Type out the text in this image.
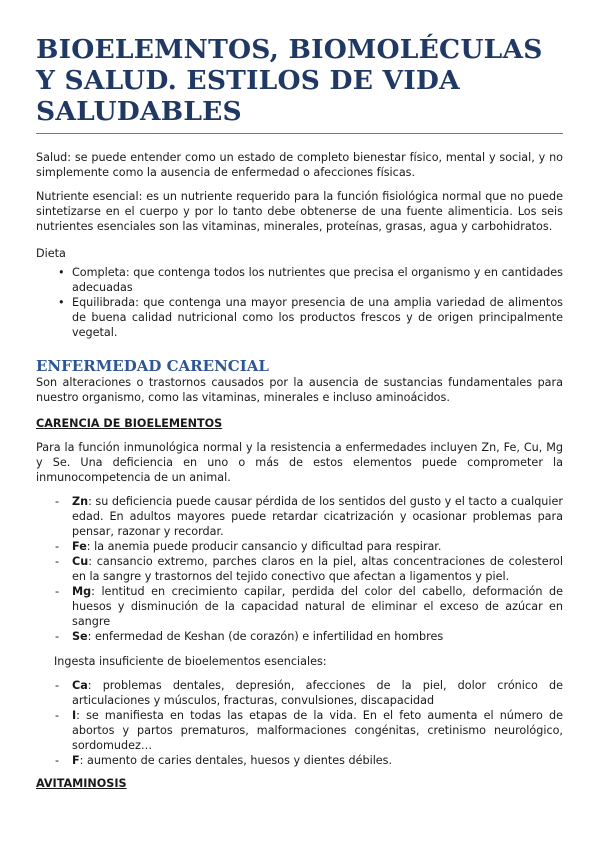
BIOELEMNTOS, BIOMOLÉCULAS Y SALUD. ESTILOS DE VIDA SALUDABLES

Salud: se puede entender como un estado de completo bienestar físico, mental y social, y no simplemente como la ausencia de enfermedad o afecciones físicas.

Nutriente esencial: es un nutriente requerido para la función fisiológica normal que no puede sintetizarse en el cuerpo y por lo tanto debe obtenerse de una fuente alimenticia. Los seis nutrientes esenciales son las vitaminas, minerales, proteínas, grasas, agua y carbohidratos.

Dieta

• Completa: que contenga todos los nutrientes que precisa el organismo y en cantidades adecuadas
• Equilibrada: que contenga una mayor presencia de una amplia variedad de alimentos de buena calidad nutricional como los productos frescos y de origen principalmente vegetal.
ENFERMEDAD CARENCIAL

Son alteraciones o trastornos causados por la ausencia de sustancias fundamentales para nuestro organismo, como las vitaminas, minerales e incluso aminoácidos.

CARENCIA DE BIOELEMENTOS

Para la función inmunológica normal y la resistencia a enfermedades incluyen Zn, Fe, Cu, Mg y Se. Una deficiencia en uno o más de estos elementos puede comprometer la inmunocompetencia de un animal.

- Zn: su deficiencia puede causar pérdida de los sentidos del gusto y el tacto a cualquier edad. En adultos mayores puede retardar cicatrización y ocasionar problemas para pensar, razonar y recordar.
- Fe: la anemia puede producir cansancio y dificultad para respirar.
- Cu: cansancio extremo, parches claros en la piel, altas concentraciones de colesterol en la sangre y trastornos del tejido conectivo que afectan a ligamentos y piel.
- Mg: lentitud en crecimiento capilar, perdida del color del cabello, deformación de huesos y disminución de la capacidad natural de eliminar el exceso de azúcar en sangre
- Se: enfermedad de Keshan (de corazón) e infertilidad en hombres

Ingesta insuficiente de bioelementos esenciales:

- Ca: problemas dentales, depresión, afecciones de la piel, dolor crónico de articulaciones y músculos, fracturas, convulsiones, discapacidad
- I: se manifiesta en todas las etapas de la vida. En el feto aumenta el número de abortos y partos prematuros, malformaciones congénitas, cretinismo neurológico, sordomudez…
- F: aumento de caries dentales, huesos y dientes débiles.

AVITAMINOSIS
